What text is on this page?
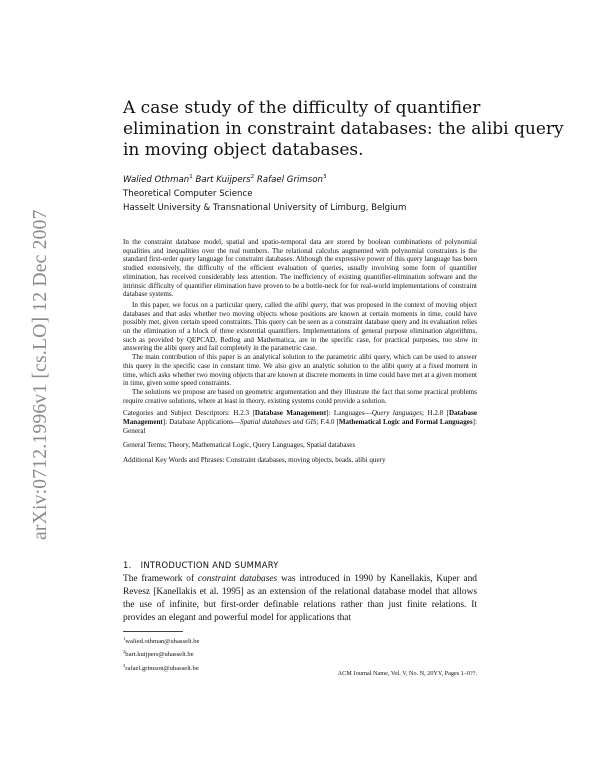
arXiv:0712.1996v1 [cs.LO] 12 Dec 2007
A case study of the difficulty of quantifier
elimination in constraint databases: the alibi query
in moving object databases.
Walied Othman$^1$ Bart Kuijpers$^2$ Rafael Grimson$^3$
Theoretical Computer Science
Hasselt University & Transnational University of Limburg, Belgium

In the constraint database model, spatial and spatio-temporal data are stored by boolean combinations of polynomial equalities and inequalities over the real numbers. The relational calculus augmented with polynomial constraints is the standard first-order query language for constraint databases. Although the expressive power of this query language has been studied extensively, the difficulty of the efficient evaluation of queries, usually involving some form of quantifier elimination, has received considerably less attention. The inefficiency of existing quantifier-elimination software and the intrinsic difficulty of quantifier elimination have proven to be a bottle-neck for for real-world implementations of constraint database systems.

In this paper, we focus on a particular query, called the alibi query, that was proposed in the context of moving object databases and that asks whether two moving objects whose positions are known at certain moments in time, could have possibly met, given certain speed constraints. This query can be seen as a constraint database query and its evaluation relies on the elimination of a block of three existential quantifiers. Implementations of general purpose elimination algorithms, such as provided by QEPCAD, Redlog and Mathematica, are in the specific case, for practical purposes, too slow in answering the alibi query and fail completely in the parametric case.

The main contribution of this paper is an analytical solution to the parametric alibi query, which can be used to answer this query in the specific case in constant time. We also give an analytic solution to the alibi query at a fixed moment in time, which asks whether two moving objects that are known at discrete moments in time could have met at a given moment in time, given some speed constraints.

The solutions we propose are based on geometric argumentation and they illustrate the fact that some practical problems require creative solutions, where at least in theory, existing systems could provide a solution.

Categories and Subject Descriptors: H.2.3 [Database Management]: Languages—Query languages; H.2.8 [Database Management]: Database Applications—Spatial databases and GIS; F.4.0 [Mathematical Logic and Formal Languages]: General

General Terms: Theory, Mathematical Logic, Query Languages, Spatial databases

Additional Key Words and Phrases: Constraint databases, moving objects, beads, alibi query

1. INTRODUCTION AND SUMMARY

The framework of constraint databases was introduced in 1990 by Kanellakis, Kuper and Revesz [Kanellakis et al. 1995] as an extension of the relational database model that allows the use of infinite, but first-order definable relations rather than just finite relations. It provides an elegant and powerful model for applications that

$^1$walied.othman@uhasselt.be
$^2$bart.kuijpers@uhasselt.be
$^3$rafael.grimson@uhasselt.be
ACM Journal Name, Vol. V, No. N, 20YY, Pages 1–0??.
